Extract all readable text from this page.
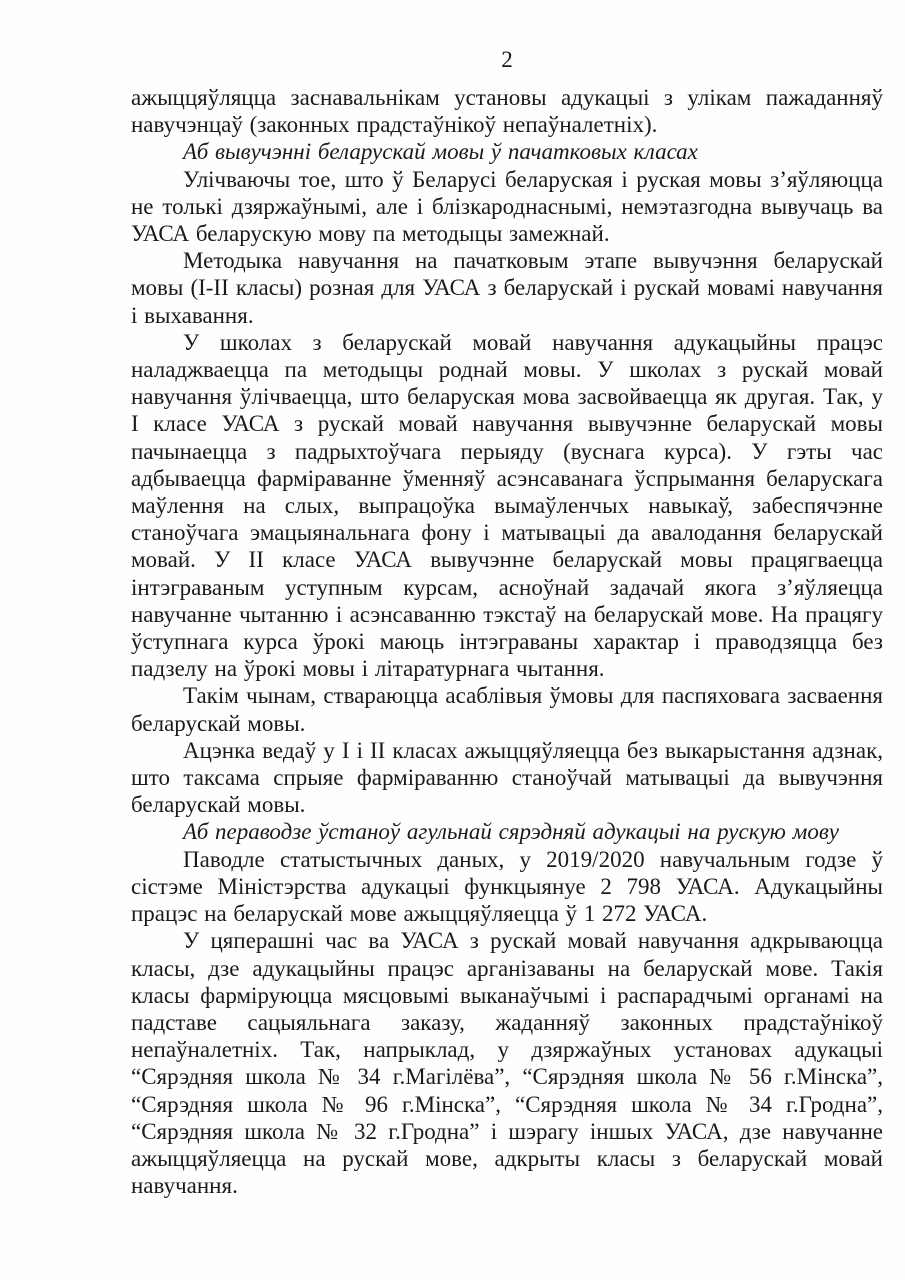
2

ажыццяўляцца заснавальнікам установы адукацыі з улікам пажаданняў навучэнцаў (законных прадстаўнікоў непаўналетніх).

Аб вывучэнні беларускай мовы ў пачатковых класах

Улічваючы тое, што ў Беларусі беларуская і руская мовы з’яўляюцца не толькі дзяржаўнымі, але і блізкароднаснымі, немэтазгодна вывучаць ва УАСА беларускую мову па методыцы замежнай.

Методыка навучання на пачатковым этапе вывучэння беларускай мовы (I-II класы) розная для УАСА з беларускай і рускай мовамі навучання і выхавання.

У школах з беларускай мовай навучання адукацыйны працэс наладжваецца па методыцы роднай мовы. У школах з рускай мовай навучання ўлічваецца, што беларуская мова засвойваецца як другая. Так, у I класе УАСА з рускай мовай навучання вывучэнне беларускай мовы пачынаецца з падрыхтоўчага перыяду (вуснага курса). У гэты час адбываецца фарміраванне ўменняў асэнсаванага ўспрымання беларускага маўлення на слых, выпрацоўка вымаўленчых навыкаў, забеспячэнне станоўчага эмацыянальнага фону і матывацыі да авалодання беларускай мовай. У II класе УАСА вывучэнне беларускай мовы працягваецца інтэграваным уступным курсам, асноўнай задачай якога з’яўляецца навучанне чытанню і асэнсаванню тэкстаў на беларускай мове. На працягу ўступнага курса ўрокі маюць інтэграваны характар і праводзяцца без падзелу на ўрокі мовы і літаратурнага чытання.

Такім чынам, ствараюцца асаблівыя ўмовы для паспяховага засваення беларускай мовы.

Ацэнка ведаў у I і II класах ажыццяўляецца без выкарыстання адзнак, што таксама спрыяе фарміраванню станоўчай матывацыі да вывучэння беларускай мовы.

Аб пераводзе ўстаноў агульнай сярэдняй адукацыі на рускую мову

Паводле статыстычных даных, у 2019/2020 навучальным годзе ў сістэме Міністэрства адукацыі функцыянуе 2 798 УАСА. Адукацыйны працэс на беларускай мове ажыццяўляецца ў 1 272 УАСА.

У цяперашні час ва УАСА з рускай мовай навучання адкрываюцца класы, дзе адукацыйны працэс арганізаваны на беларускай мове. Такія класы фарміруюцца мясцовымі выканаўчымі і распарадчымі органамі на падставе сацыяльнага заказу, жаданняў законных прадстаўнікоў непаўналетніх. Так, напрыклад, у дзяржаўных установах адукацыі “Сярэдняя школа № 34 г.Магілёва”, “Сярэдняя школа № 56 г.Мінска”, “Сярэдняя школа № 96 г.Мінска”, “Сярэдняя школа № 34 г.Гродна”, “Сярэдняя школа № 32 г.Гродна” і шэрагу іншых УАСА, дзе навучанне ажыццяўляецца на рускай мове, адкрыты класы з беларускай мовай навучання.
